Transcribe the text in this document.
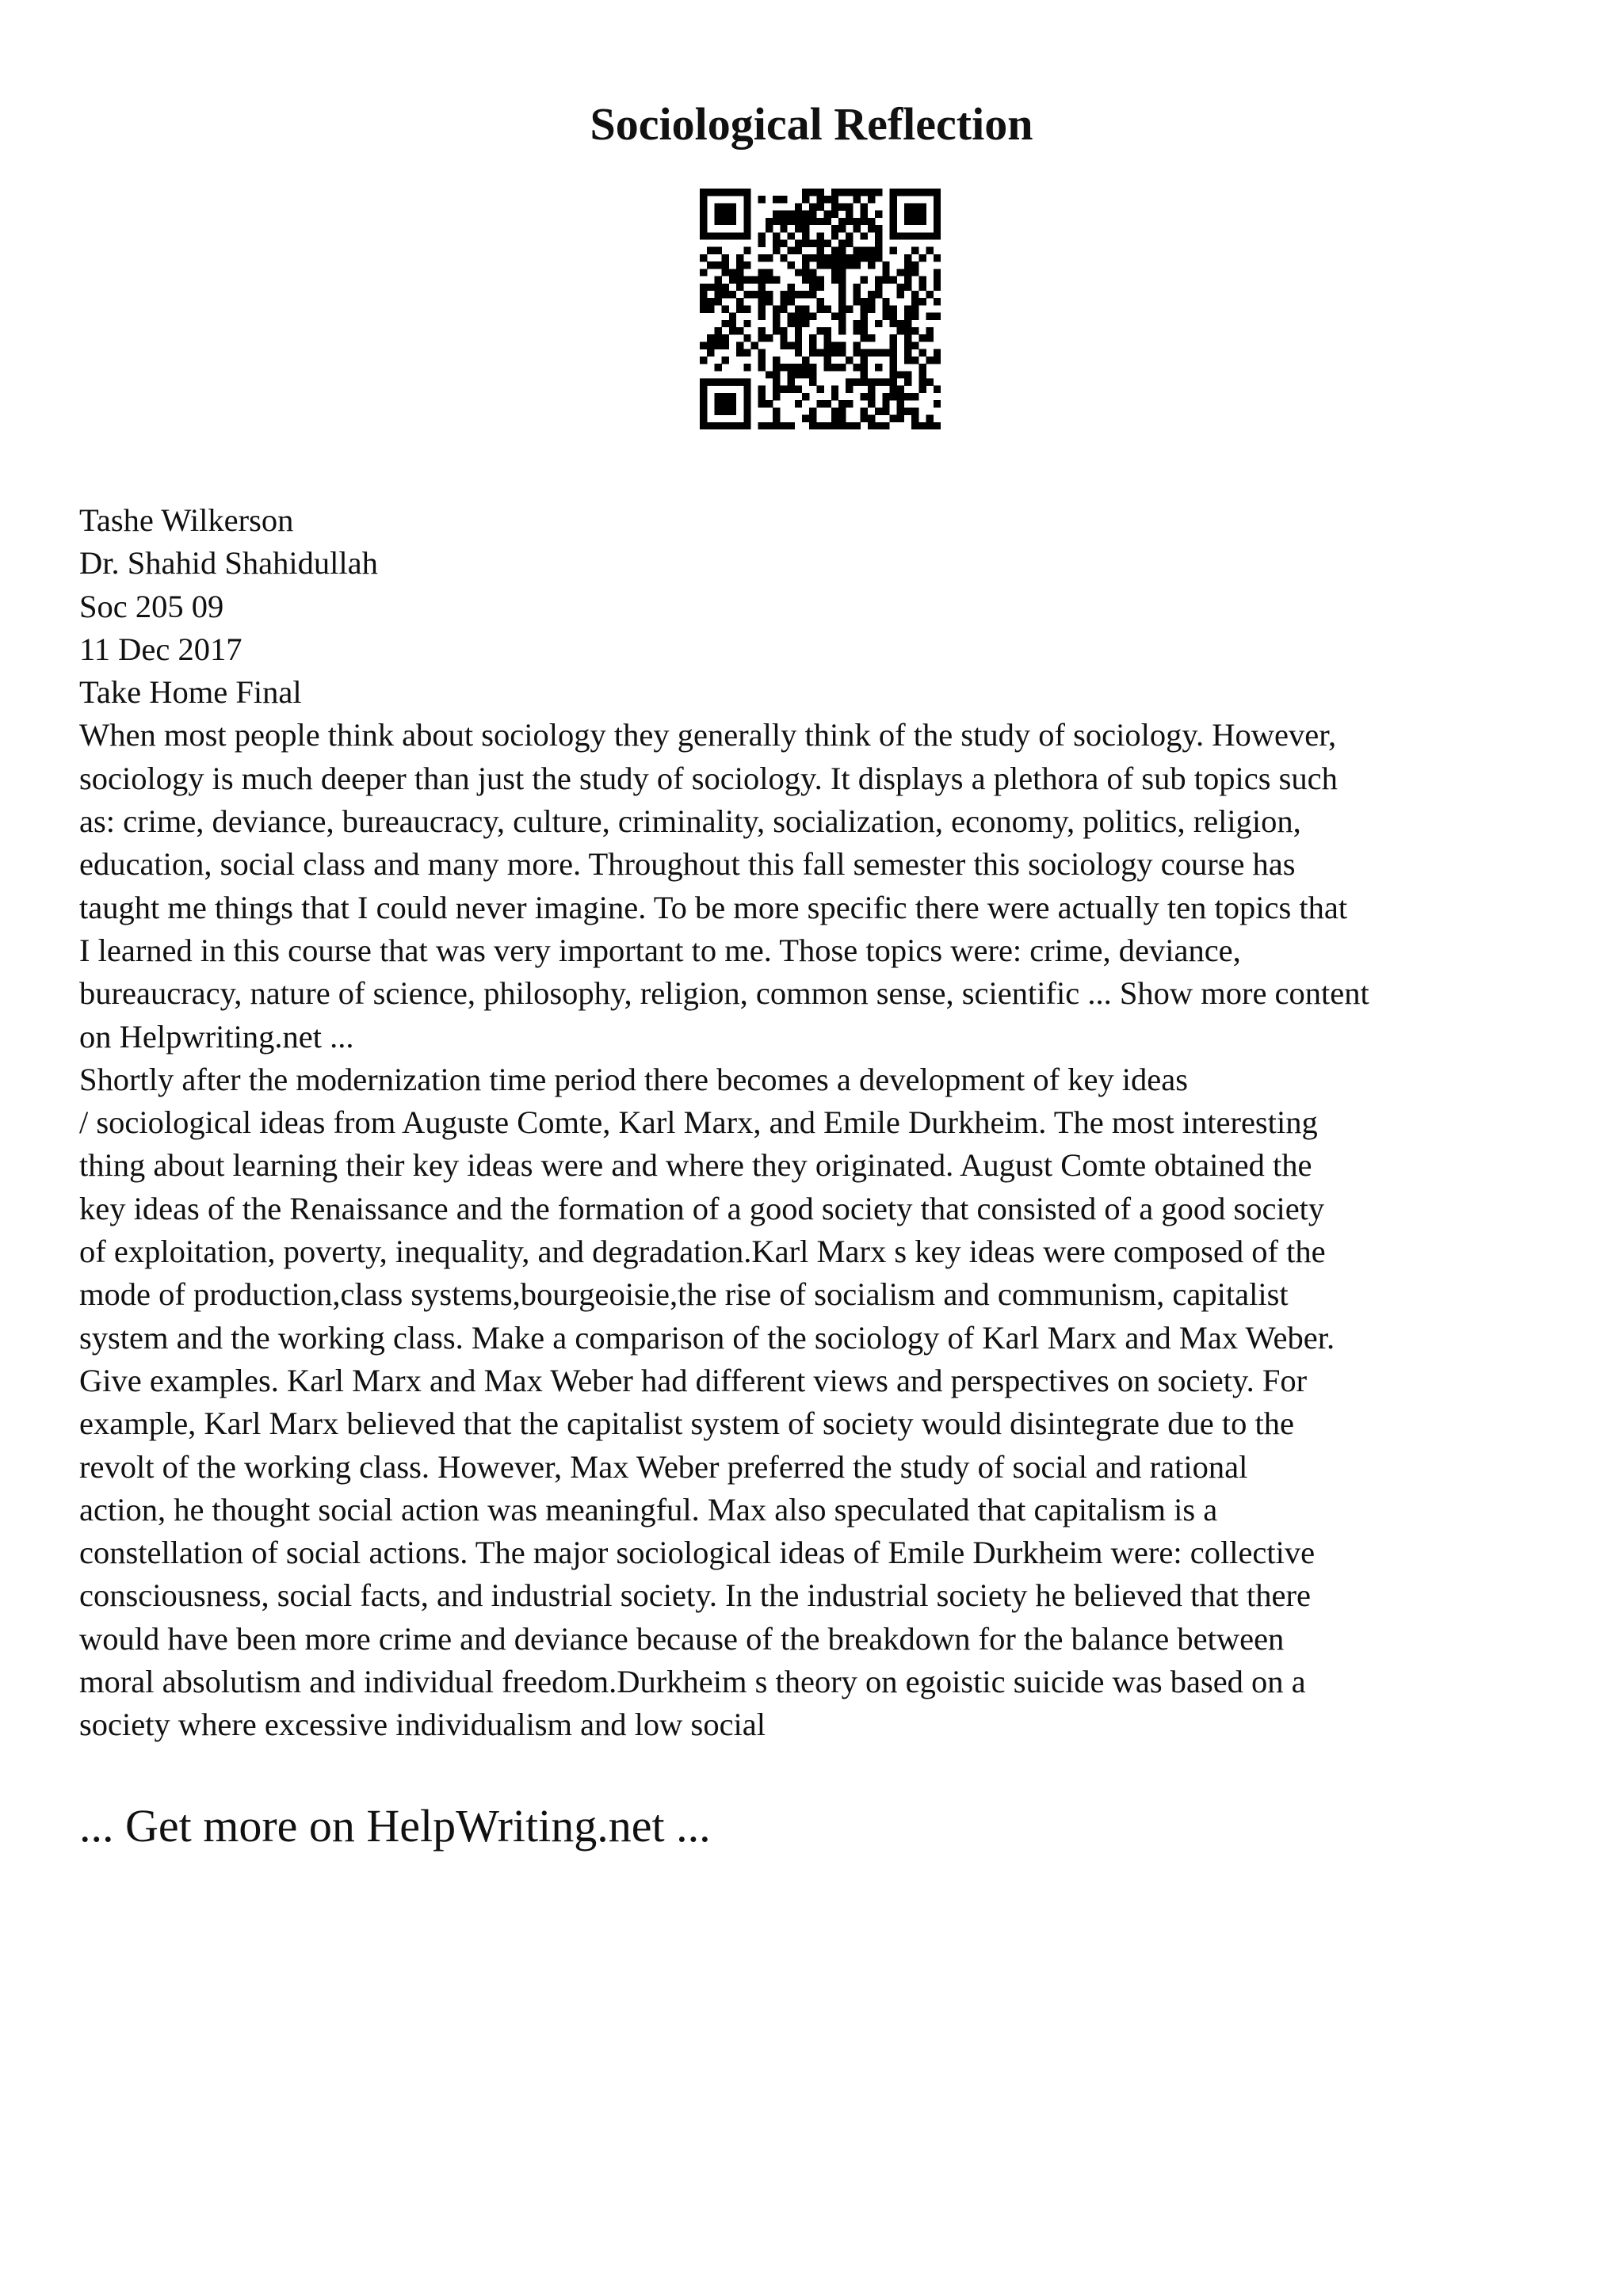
Sociological Reflection
Tashe Wilkerson
Dr. Shahid Shahidullah
Soc 205 09
11 Dec 2017
Take Home Final
When most people think about sociology they generally think of the study of sociology. However,
sociology is much deeper than just the study of sociology. It displays a plethora of sub topics such
as: crime, deviance, bureaucracy, culture, criminality, socialization, economy, politics, religion,
education, social class and many more. Throughout this fall semester this sociology course has
taught me things that I could never imagine. To be more specific there were actually ten topics that
I learned in this course that was very important to me. Those topics were: crime, deviance,
bureaucracy, nature of science, philosophy, religion, common sense, scientific ... Show more content
on Helpwriting.net ...
Shortly after the modernization time period there becomes a development of key ideas
/ sociological ideas from Auguste Comte, Karl Marx, and Emile Durkheim. The most interesting
thing about learning their key ideas were and where they originated. August Comte obtained the
key ideas of the Renaissance and the formation of a good society that consisted of a good society
of exploitation, poverty, inequality, and degradation.Karl Marx s key ideas were composed of the
mode of production,class systems,bourgeoisie,the rise of socialism and communism, capitalist
system and the working class. Make a comparison of the sociology of Karl Marx and Max Weber.
Give examples. Karl Marx and Max Weber had different views and perspectives on society. For
example, Karl Marx believed that the capitalist system of society would disintegrate due to the
revolt of the working class. However, Max Weber preferred the study of social and rational
action, he thought social action was meaningful. Max also speculated that capitalism is a
constellation of social actions. The major sociological ideas of Emile Durkheim were: collective
consciousness, social facts, and industrial society. In the industrial society he believed that there
would have been more crime and deviance because of the breakdown for the balance between
moral absolutism and individual freedom.Durkheim s theory on egoistic suicide was based on a
society where excessive individualism and low social
... Get more on HelpWriting.net ...
